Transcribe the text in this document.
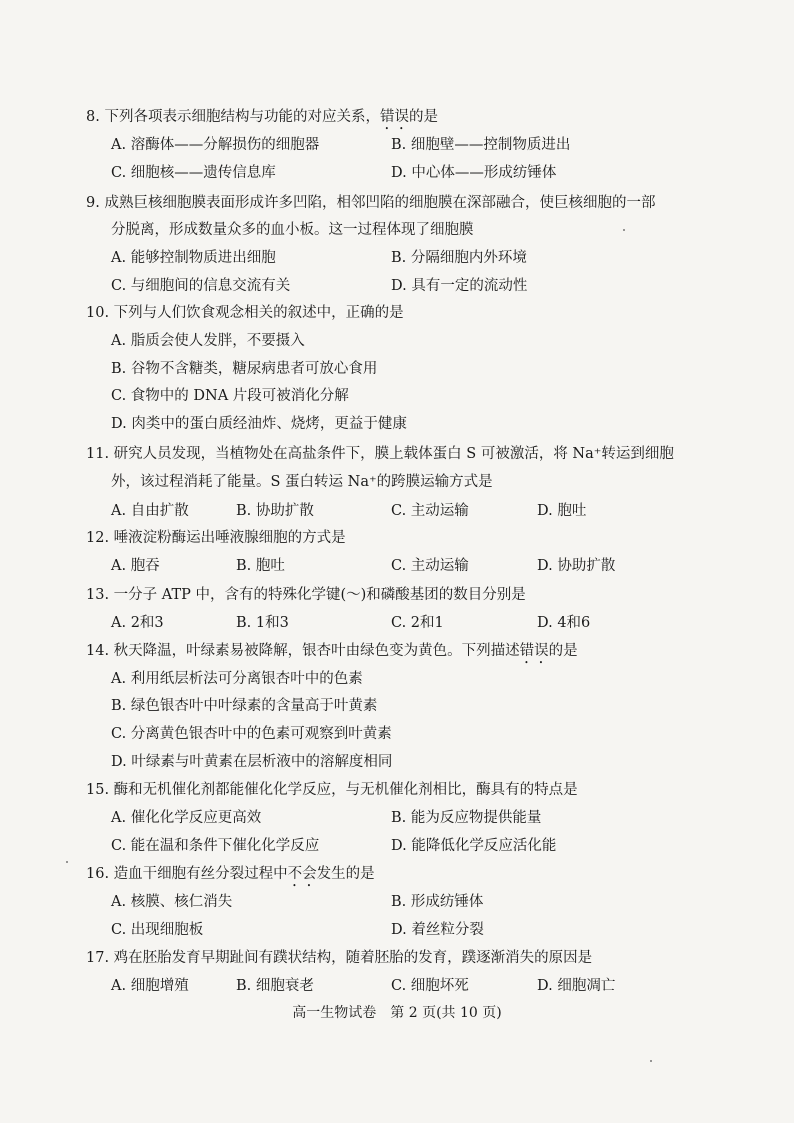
8. 下列各项表示细胞结构与功能的对应关系，错误的是
A. 溶酶体——分解损伤的细胞器	B. 细胞壁——控制物质进出
C. 细胞核——遗传信息库	D. 中心体——形成纺锤体
9. 成熟巨核细胞膜表面形成许多凹陷，相邻凹陷的细胞膜在深部融合，使巨核细胞的一部
分脱离，形成数量众多的血小板。这一过程体现了细胞膜
A. 能够控制物质进出细胞	B. 分隔细胞内外环境
C. 与细胞间的信息交流有关	D. 具有一定的流动性
10. 下列与人们饮食观念相关的叙述中，正确的是
A. 脂质会使人发胖，不要摄入
B. 谷物不含糖类，糖尿病患者可放心食用
C. 食物中的 DNA 片段可被消化分解
D. 肉类中的蛋白质经油炸、烧烤，更益于健康
11. 研究人员发现，当植物处在高盐条件下，膜上载体蛋白 S 可被激活，将 Na⁺转运到细胞
外，该过程消耗了能量。S 蛋白转运 Na⁺的跨膜运输方式是
A. 自由扩散	B. 协助扩散	C. 主动运输	D. 胞吐
12. 唾液淀粉酶运出唾液腺细胞的方式是
A. 胞吞	B. 胞吐	C. 主动运输	D. 协助扩散
13. 一分子 ATP 中，含有的特殊化学键(～)和磷酸基团的数目分别是
A. 2和3	B. 1和3	C. 2和1	D. 4和6
14. 秋天降温，叶绿素易被降解，银杏叶由绿色变为黄色。下列描述错误的是
A. 利用纸层析法可分离银杏叶中的色素
B. 绿色银杏叶中叶绿素的含量高于叶黄素
C. 分离黄色银杏叶中的色素可观察到叶黄素
D. 叶绿素与叶黄素在层析液中的溶解度相同
15. 酶和无机催化剂都能催化化学反应，与无机催化剂相比，酶具有的特点是
A. 催化化学反应更高效	B. 能为反应物提供能量
C. 能在温和条件下催化化学反应	D. 能降低化学反应活化能
16. 造血干细胞有丝分裂过程中不会发生的是
A. 核膜、核仁消失	B. 形成纺锤体
C. 出现细胞板	D. 着丝粒分裂
17. 鸡在胚胎发育早期趾间有蹼状结构，随着胚胎的发育，蹼逐渐消失的原因是
A. 细胞增殖	B. 细胞衰老	C. 细胞坏死	D. 细胞凋亡
高一生物试卷　第 2 页(共 10 页)
